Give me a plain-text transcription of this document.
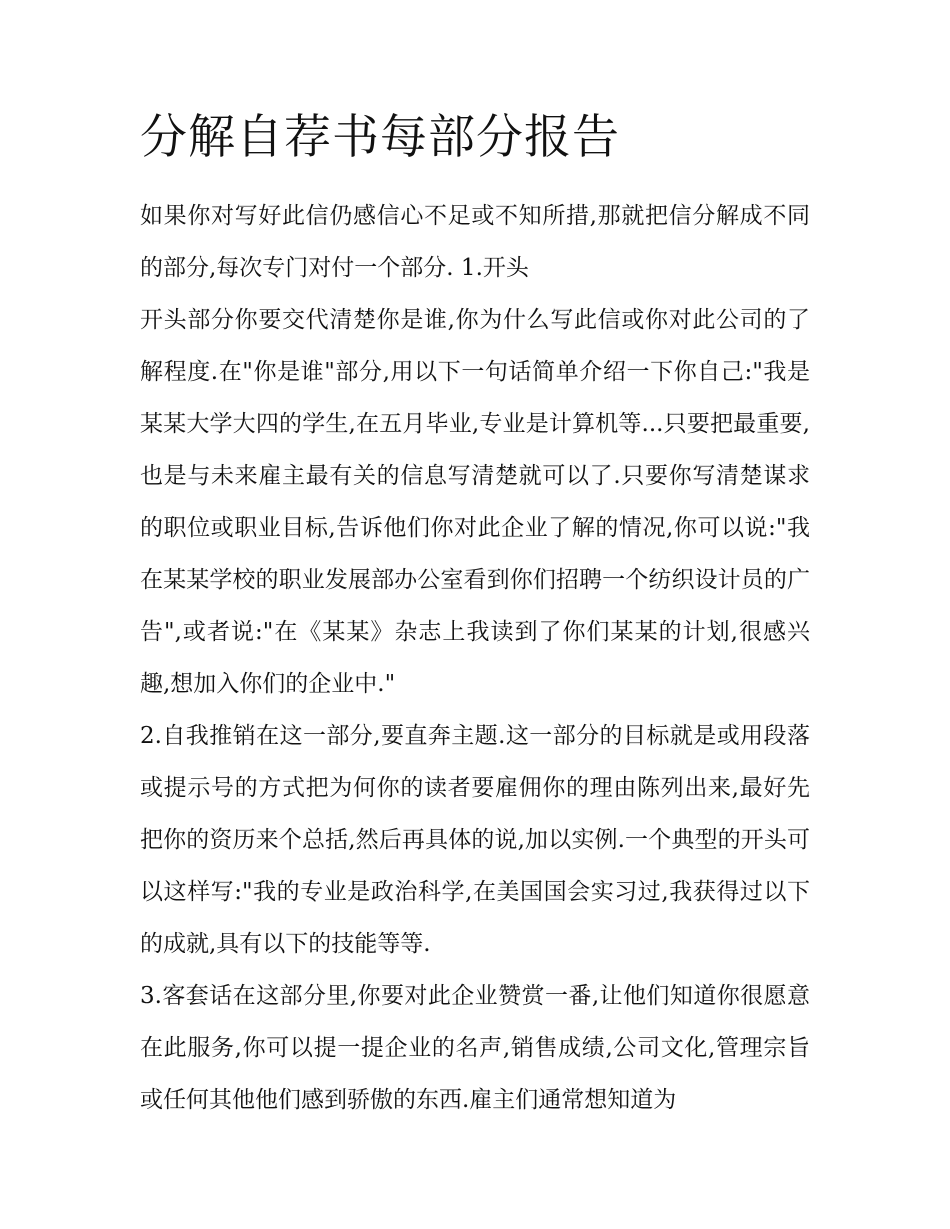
分解自荐书每部分报告

如果你对写好此信仍感信心不足或不知所措,那就把信分解成不同的部分,每次专门对付一个部分. 1.开头

开头部分你要交代清楚你是谁,你为什么写此信或你对此公司的了解程度.在"你是谁"部分,用以下一句话简单介绍一下你自己:"我是某某大学大四的学生,在五月毕业,专业是计算机等...只要把最重要,也是与未来雇主最有关的信息写清楚就可以了.只要你写清楚谋求的职位或职业目标,告诉他们你对此企业了解的情况,你可以说:"我在某某学校的职业发展部办公室看到你们招聘一个纺织设计员的广告",或者说:"在《某某》杂志上我读到了你们某某的计划,很感兴趣,想加入你们的企业中."

2.自我推销在这一部分,要直奔主题.这一部分的目标就是或用段落或提示号的方式把为何你的读者要雇佣你的理由陈列出来,最好先把你的资历来个总括,然后再具体的说,加以实例.一个典型的开头可以这样写:"我的专业是政治科学,在美国国会实习过,我获得过以下的成就,具有以下的技能等等.

3.客套话在这部分里,你要对此企业赞赏一番,让他们知道你很愿意在此服务,你可以提一提企业的名声,销售成绩,公司文化,管理宗旨或任何其他他们感到骄傲的东西.雇主们通常想知道为
